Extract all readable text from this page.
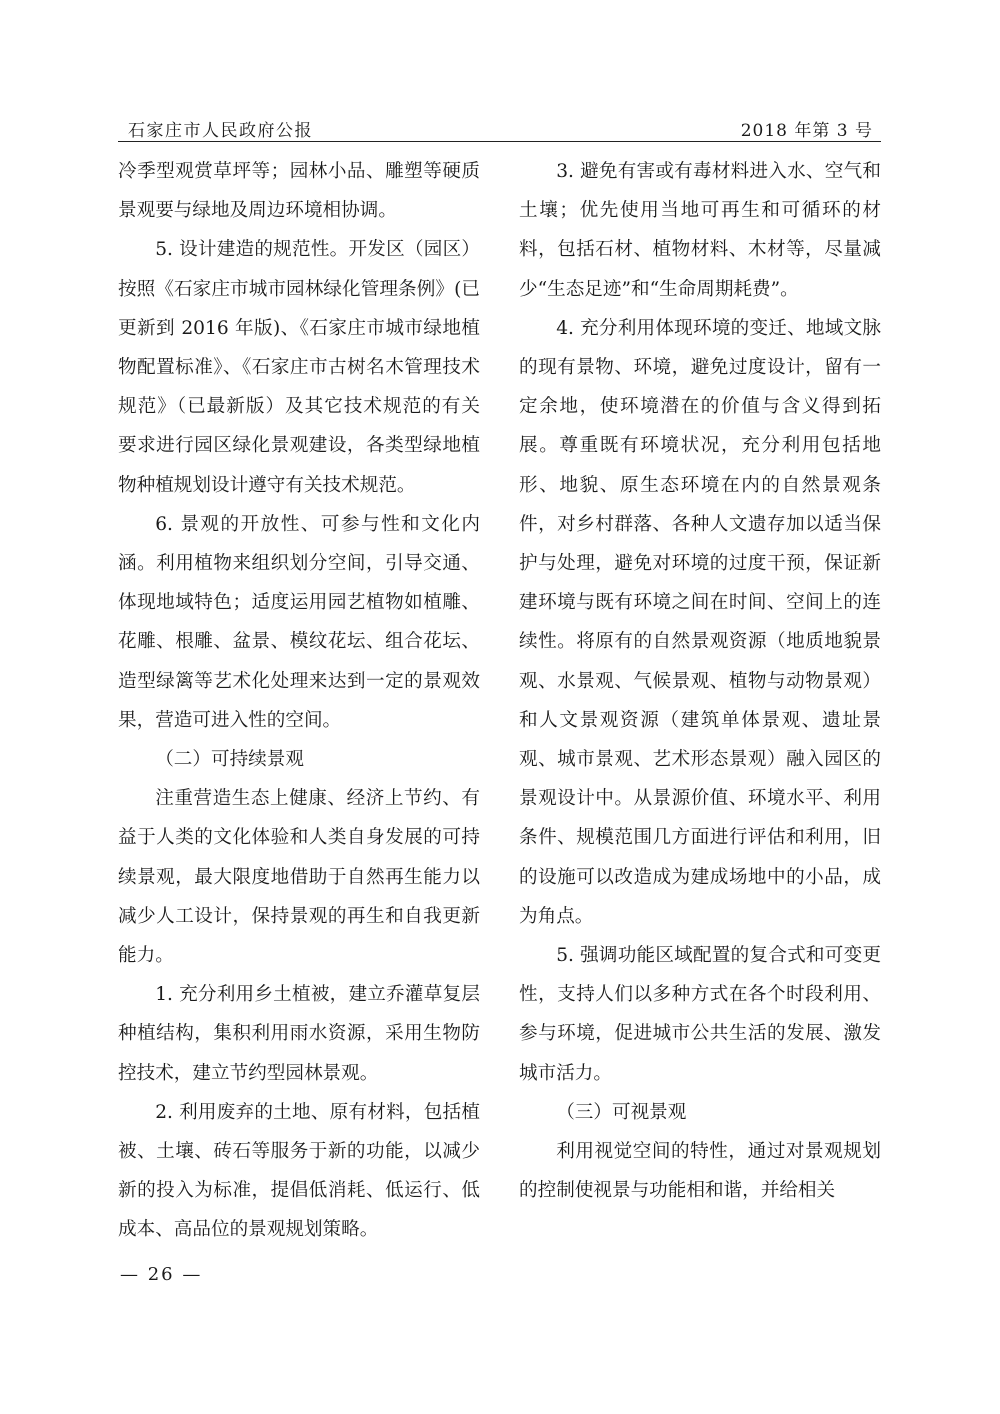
石家庄市人民政府公报	2018 年第 3 号

冷季型观赏草坪等；园林小品、雕塑等硬质景观要与绿地及周边环境相协调。

5. 设计建造的规范性。开发区（园区）按照《石家庄市城市园林绿化管理条例》(已更新到 2016 年版)、《石家庄市城市绿地植物配置标准》、《石家庄市古树名木管理技术规范》（已最新版）及其它技术规范的有关要求进行园区绿化景观建设，各类型绿地植物种植规划设计遵守有关技术规范。

6. 景观的开放性、可参与性和文化内涵。利用植物来组织划分空间，引导交通、体现地域特色；适度运用园艺植物如植雕、花雕、根雕、盆景、模纹花坛、组合花坛、造型绿篱等艺术化处理来达到一定的景观效果，营造可进入性的空间。

（二）可持续景观

注重营造生态上健康、经济上节约、有益于人类的文化体验和人类自身发展的可持续景观，最大限度地借助于自然再生能力以减少人工设计，保持景观的再生和自我更新能力。

1. 充分利用乡土植被，建立乔灌草复层种植结构，集积利用雨水资源，采用生物防控技术，建立节约型园林景观。

2. 利用废弃的土地、原有材料，包括植被、土壤、砖石等服务于新的功能，以减少新的投入为标准，提倡低消耗、低运行、低成本、高品位的景观规划策略。

3. 避免有害或有毒材料进入水、空气和土壤；优先使用当地可再生和可循环的材料，包括石材、植物材料、木材等，尽量减少“生态足迹”和“生命周期耗费”。

4. 充分利用体现环境的变迁、地域文脉的现有景物、环境，避免过度设计，留有一定余地，使环境潜在的价值与含义得到拓展。尊重既有环境状况，充分利用包括地形、地貌、原生态环境在内的自然景观条件，对乡村群落、各种人文遗存加以适当保护与处理，避免对环境的过度干预，保证新建环境与既有环境之间在时间、空间上的连续性。将原有的自然景观资源（地质地貌景观、水景观、气候景观、植物与动物景观）和人文景观资源（建筑单体景观、遗址景观、城市景观、艺术形态景观）融入园区的景观设计中。从景源价值、环境水平、利用条件、规模范围几方面进行评估和利用，旧的设施可以改造成为建成场地中的小品，成为角点。

5. 强调功能区域配置的复合式和可变更性，支持人们以多种方式在各个时段利用、参与环境，促进城市公共生活的发展、激发城市活力。

（三）可视景观

利用视觉空间的特性，通过对景观规划的控制使视景与功能相和谐，并给相关

— 26 —
